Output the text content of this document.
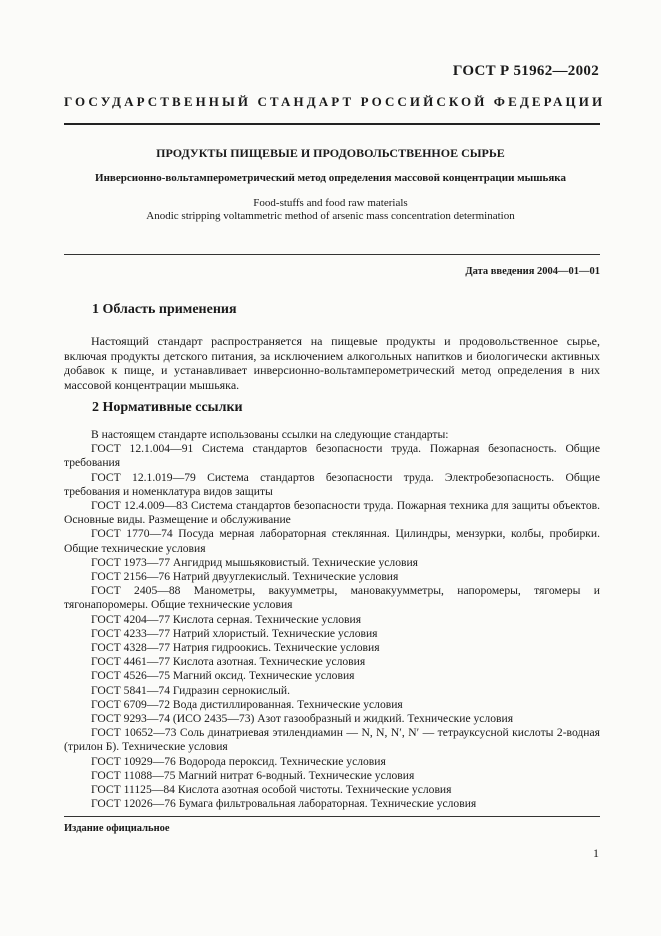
ГОСТ Р 51962—2002
ГОСУДАРСТВЕННЫЙ СТАНДАРТ РОССИЙСКОЙ ФЕДЕРАЦИИ
ПРОДУКТЫ ПИЩЕВЫЕ И ПРОДОВОЛЬСТВЕННОЕ СЫРЬЕ
Инверсионно-вольтамперометрический метод определения массовой концентрации мышьяка
Food-stuffs and food raw materials
Anodic stripping voltammetric method of arsenic mass concentration determination
Дата введения 2004—01—01
1 Область применения
Настоящий стандарт распространяется на пищевые продукты и продовольственное сырье, включая продукты детского питания, за исключением алкогольных напитков и биологически активных добавок к пище, и устанавливает инверсионно-вольтамперометрический метод определения в них массовой концентрации мышьяка.
2 Нормативные ссылки
В настоящем стандарте использованы ссылки на следующие стандарты:
ГОСТ 12.1.004—91 Система стандартов безопасности труда. Пожарная безопасность. Общие требования
ГОСТ 12.1.019—79 Система стандартов безопасности труда. Электробезопасность. Общие требования и номенклатура видов защиты
ГОСТ 12.4.009—83 Система стандартов безопасности труда. Пожарная техника для защиты объектов. Основные виды. Размещение и обслуживание
ГОСТ 1770—74 Посуда мерная лабораторная стеклянная. Цилиндры, мензурки, колбы, пробирки. Общие технические условия
ГОСТ 1973—77 Ангидрид мышьяковистый. Технические условия
ГОСТ 2156—76 Натрий двууглекислый. Технические условия
ГОСТ 2405—88 Манометры, вакуумметры, мановакуумметры, напоромеры, тягомеры и тягонапоромеры. Общие технические условия
ГОСТ 4204—77 Кислота серная. Технические условия
ГОСТ 4233—77 Натрий хлористый. Технические условия
ГОСТ 4328—77 Натрия гидроокись. Технические условия
ГОСТ 4461—77 Кислота азотная. Технические условия
ГОСТ 4526—75 Магний оксид. Технические условия
ГОСТ 5841—74 Гидразин сернокислый.
ГОСТ 6709—72 Вода дистиллированная. Технические условия
ГОСТ 9293—74 (ИСО 2435—73) Азот газообразный и жидкий. Технические условия
ГОСТ 10652—73 Соль динатриевая этилендиамин — N, N, N′, N′ — тетрауксусной кислоты 2-водная (трилон Б). Технические условия
ГОСТ 10929—76 Водорода пероксид. Технические условия
ГОСТ 11088—75 Магний нитрат 6-водный. Технические условия
ГОСТ 11125—84 Кислота азотная особой чистоты. Технические условия
ГОСТ 12026—76 Бумага фильтровальная лабораторная. Технические условия
Издание официальное
1
